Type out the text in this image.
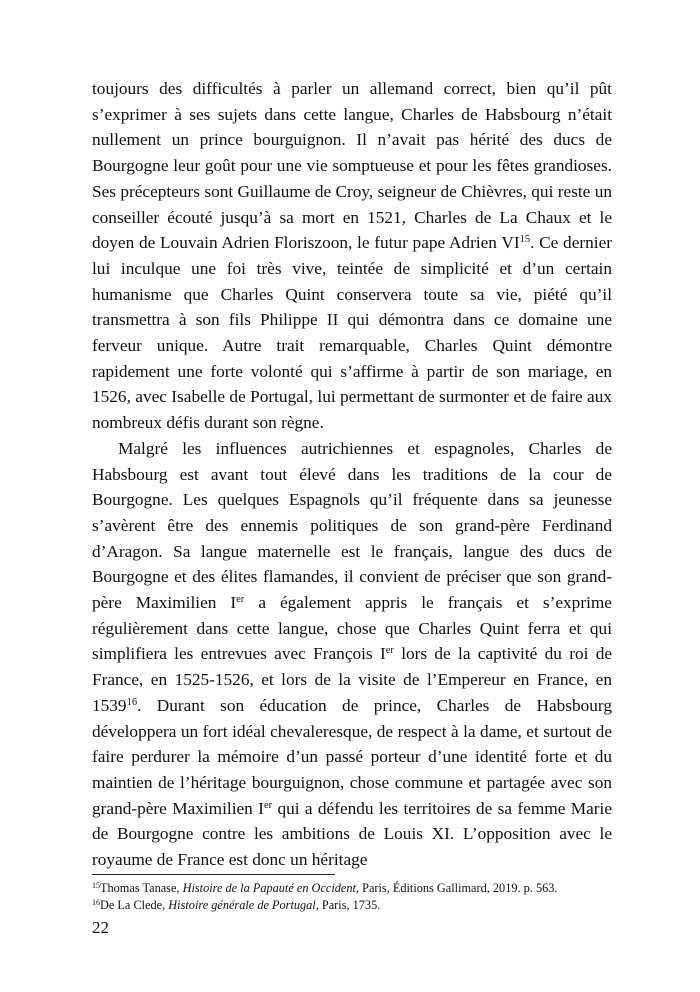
toujours des difficultés à parler un allemand correct, bien qu’il pût s’exprimer à ses sujets dans cette langue, Charles de Habsbourg n’était nullement un prince bourguignon. Il n’avait pas hérité des ducs de Bourgogne leur goût pour une vie somptueuse et pour les fêtes grandioses. Ses précepteurs sont Guillaume de Croy, seigneur de Chièvres, qui reste un conseiller écouté jusqu’à sa mort en 1521, Charles de La Chaux et le doyen de Louvain Adrien Floriszoon, le futur pape Adrien VI$^{15}$. Ce dernier lui inculque une foi très vive, teintée de simplicité et d’un certain humanisme que Charles Quint conservera toute sa vie, piété qu’il transmettra à son fils Philippe II qui démontra dans ce domaine une ferveur unique. Autre trait remarquable, Charles Quint démontre rapidement une forte volonté qui s’affirme à partir de son mariage, en 1526, avec Isabelle de Portugal, lui permettant de surmonter et de faire aux nombreux défis durant son règne.

Malgré les influences autrichiennes et espagnoles, Charles de Habsbourg est avant tout élevé dans les traditions de la cour de Bourgogne. Les quelques Espagnols qu’il fréquente dans sa jeunesse s’avèrent être des ennemis politiques de son grand-père Ferdinand d’Aragon. Sa langue maternelle est le français, langue des ducs de Bourgogne et des élites flamandes, il convient de préciser que son grand-père Maximilien Ier a également appris le français et s’exprime régulièrement dans cette langue, chose que Charles Quint ferra et qui simplifiera les entrevues avec François Ier lors de la captivité du roi de France, en 1525-1526, et lors de la visite de l’Empereur en France, en 1539$^{16}$. Durant son éducation de prince, Charles de Habsbourg développera un fort idéal chevaleresque, de respect à la dame, et surtout de faire perdurer la mémoire d’un passé porteur d’une identité forte et du maintien de l’héritage bourguignon, chose commune et partagée avec son grand-père Maximilien Ier qui a défendu les territoires de sa femme Marie de Bourgogne contre les ambitions de Louis XI. L’opposition avec le royaume de France est donc un héritage

$^{15}$Thomas Tanase, Histoire de la Papauté en Occident, Paris, Éditions Gallimard, 2019. p. 563.

$^{16}$De La Clede, Histoire générale de Portugal, Paris, 1735.

22
